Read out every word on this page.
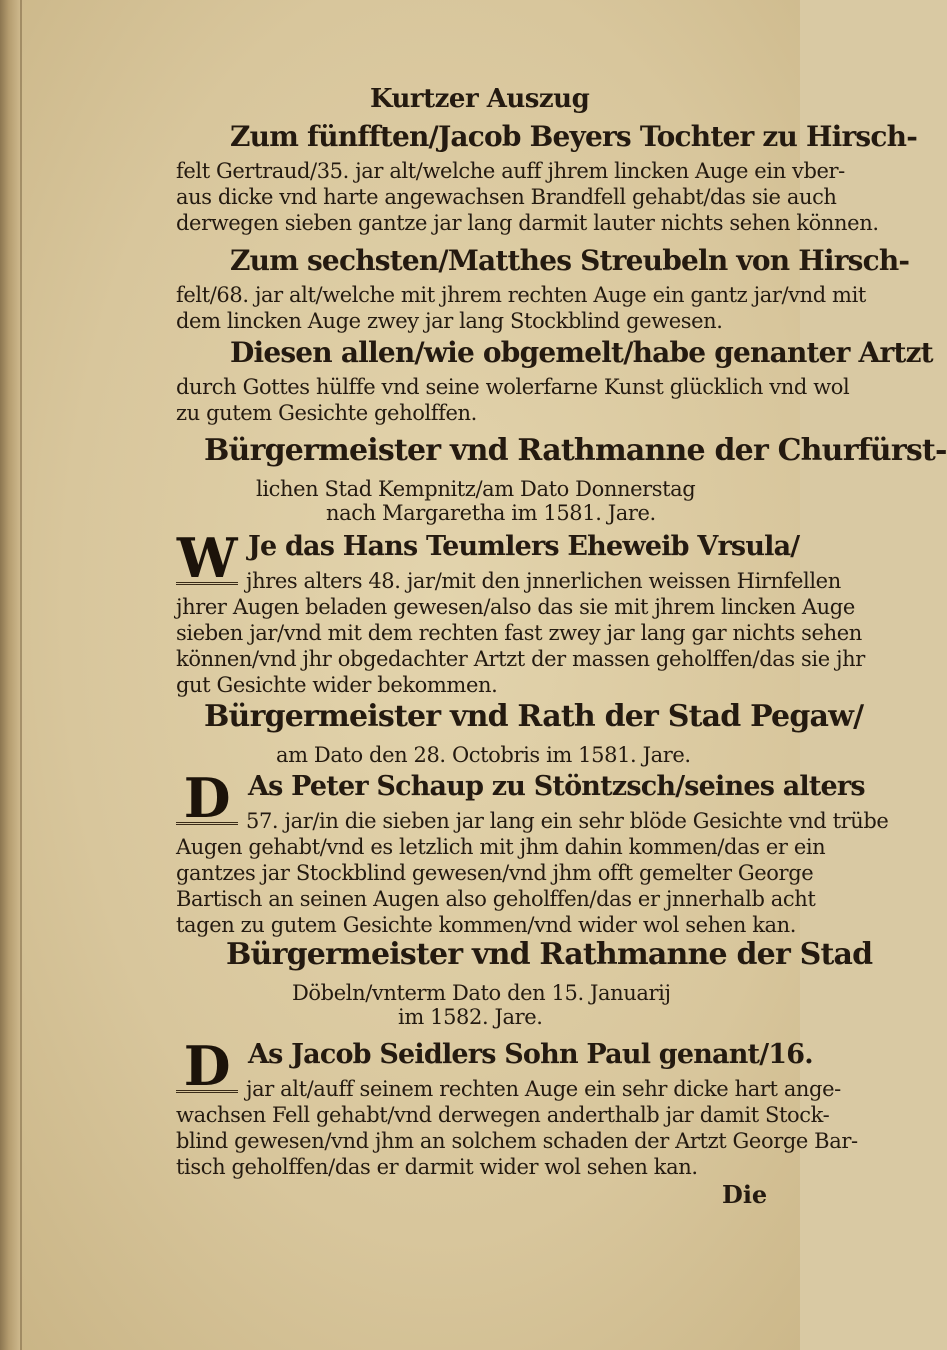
Kurtzer Auszug
Zum fünfften/Jacob Beyers Tochter zu Hirsch-
felt Gertraud/35. jar alt/welche auff jhrem lincken Auge ein vber-
aus dicke vnd harte angewachsen Brandfell gehabt/das sie auch
derwegen sieben gantze jar lang darmit lauter nichts sehen können.
Zum sechsten/Matthes Streubeln von Hirsch-
felt/68. jar alt/welche mit jhrem rechten Auge ein gantz jar/vnd mit
dem lincken Auge zwey jar lang Stockblind gewesen.
Diesen allen/wie obgemelt/habe genanter Artzt
durch Gottes hülffe vnd seine wolerfarne Kunst glücklich vnd wol
zu gutem Gesichte geholffen.
Bürgermeister vnd Rathmanne der Churfürst-
lichen Stad Kempnitz/am Dato Donnerstag
nach Margaretha im 1581. Jare.
W Je das Hans Teumlers Eheweib Vrsula/
jhres alters 48. jar/mit den jnnerlichen weissen Hirnfellen
jhrer Augen beladen gewesen/also das sie mit jhrem lincken Auge
sieben jar/vnd mit dem rechten fast zwey jar lang gar nichts sehen
können/vnd jhr obgedachter Artzt der massen geholffen/das sie jhr
gut Gesichte wider bekommen.
Bürgermeister vnd Rath der Stad Pegaw/
am Dato den 28. Octobris im 1581. Jare.
D As Peter Schaup zu Stöntzsch/seines alters
57. jar/in die sieben jar lang ein sehr blöde Gesichte vnd trübe
Augen gehabt/vnd es letzlich mit jhm dahin kommen/das er ein
gantzes jar Stockblind gewesen/vnd jhm offt gemelter George
Bartisch an seinen Augen also geholffen/das er jnnerhalb acht
tagen zu gutem Gesichte kommen/vnd wider wol sehen kan.
Bürgermeister vnd Rathmanne der Stad
Döbeln/vnterm Dato den 15. Januarij
im 1582. Jare.
D As Jacob Seidlers Sohn Paul genant/16.
jar alt/auff seinem rechten Auge ein sehr dicke hart ange-
wachsen Fell gehabt/vnd derwegen anderthalb jar damit Stock-
blind gewesen/vnd jhm an solchem schaden der Artzt George Bar-
tisch geholffen/das er darmit wider wol sehen kan.
Die
